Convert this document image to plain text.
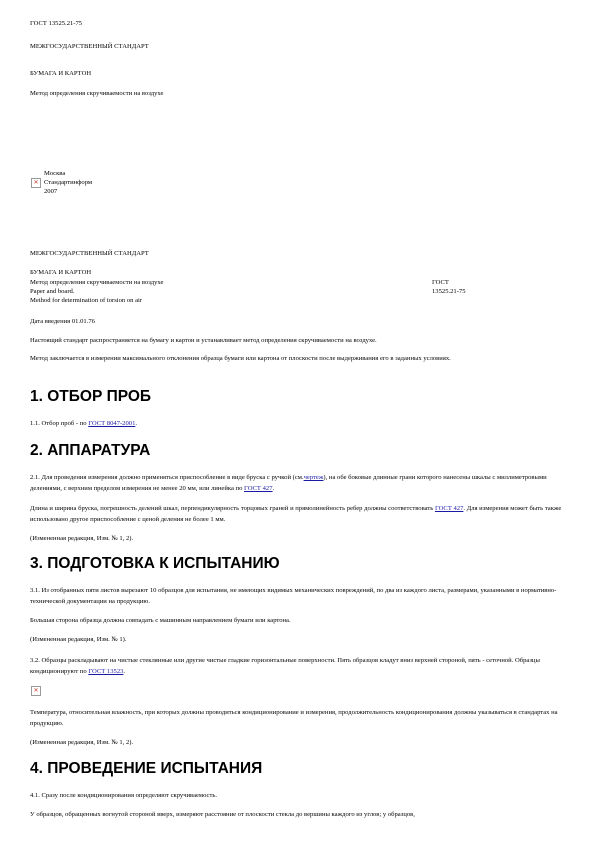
ГОСТ 13525.21-75
МЕЖГОСУДАРСТВЕННЫЙ СТАНДАРТ
БУМАГА И КАРТОН
Метод определения скручиваемости на воздухе
✕
Москва
Стандартинформ
2007
МЕЖГОСУДАРСТВЕННЫЙ СТАНДАРТ
БУМАГА И КАРТОН
Метод определения скручиваемости на воздухе
Paper and board.
Method for determination of torsion on air
ГОСТ
13525.21-75
Дата введения 01.01.76
Настоящий стандарт распространяется на бумагу и картон и устанавливает метод определения скручиваемости на воздухе.
Метод заключается в измерении максимального отклонения образца бумаги или картона от плоскости после выдерживания его в заданных условиях.
1. ОТБОР ПРОБ
1.1. Отбор проб - по ГОСТ 8047-2001.
2. АППАРАТУРА
2.1. Для проведения измерения должно применяться приспособление в виде бруска с ручкой (см.чертеж), на обе боковые длинные грани которого нанесены шкалы с миллиметровыми делениями, с верхним пределом измерения не менее 20 мм, или линейка по ГОСТ 427.
Длина и ширина бруска, погрешность делений шкал, перпендикулярность торцовых граней и прямолинейность ребер должны соответствовать ГОСТ 427. Для измерения может быть также использовано другое приспособление с ценой деления не более 1 мм.
(Измененная редакция, Изм. № 1, 2).
3. ПОДГОТОВКА К ИСПЫТАНИЮ
3.1. Из отобранных пяти листов вырезают 10 образцов для испытания, не имеющих видимых механических повреждений, по два из каждого листа, размерами, указанными в нормативно-технической документации на продукцию.
Большая сторона образца должна совпадать с машинным направлением бумаги или картона.
(Измененная редакция, Изм. № 1).
3.2. Образцы раскладывают на чистые стеклянные или другие чистые гладкие горизонтальные поверхности. Пять образцов кладут вниз верхней стороной, пять - сеточной. Образцы кондиционируют по ГОСТ 13523.
✕
Температура, относительная влажность, при которых должны проводиться кондиционирование и измерения, продолжительность кондиционирования должны указываться в стандартах на продукцию.
(Измененная редакция, Изм. № 1, 2).
4. ПРОВЕДЕНИЕ ИСПЫТАНИЯ
4.1. Сразу после кондиционирования определяют скручиваемость.
У образцов, обращенных вогнутой стороной вверх, измеряют расстояние от плоскости стекла до вершины каждого из углов; у образцов,
